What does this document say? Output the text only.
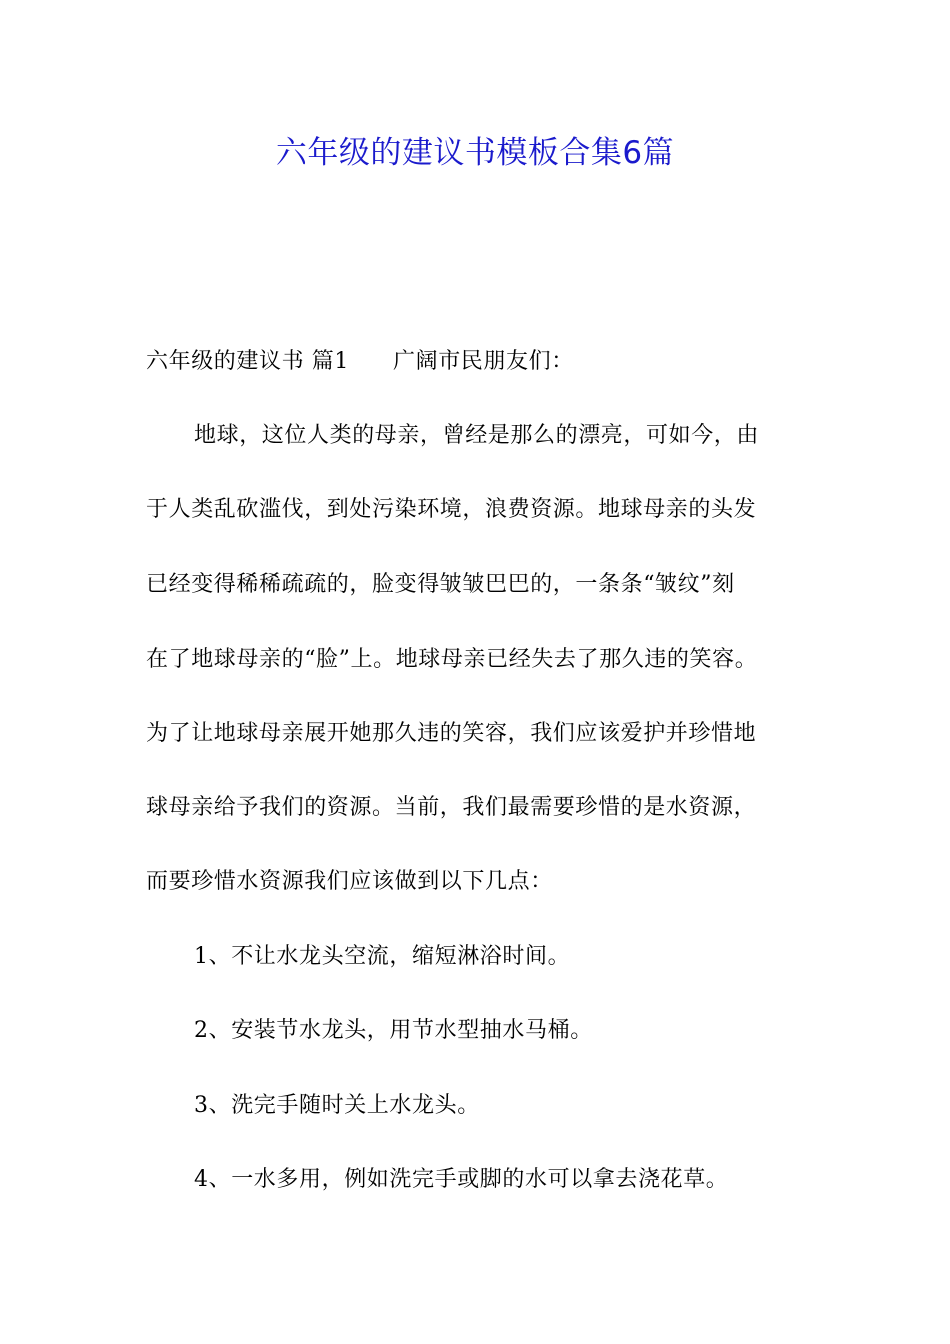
六年级的建议书模板合集6篇
六年级的建议书 篇1 广阔市民朋友们：
地球，这位人类的母亲，曾经是那么的漂亮，可如今，由
于人类乱砍滥伐，到处污染环境，浪费资源。地球母亲的头发
已经变得稀稀疏疏的，脸变得皱皱巴巴的，一条条“皱纹”刻
在了地球母亲的“脸”上。地球母亲已经失去了那久违的笑容。
为了让地球母亲展开她那久违的笑容，我们应该爱护并珍惜地
球母亲给予我们的资源。当前，我们最需要珍惜的是水资源，
而要珍惜水资源我们应该做到以下几点：
1、不让水龙头空流，缩短淋浴时间。
2、安装节水龙头，用节水型抽水马桶。
3、洗完手随时关上水龙头。
4、一水多用，例如洗完手或脚的水可以拿去浇花草。
